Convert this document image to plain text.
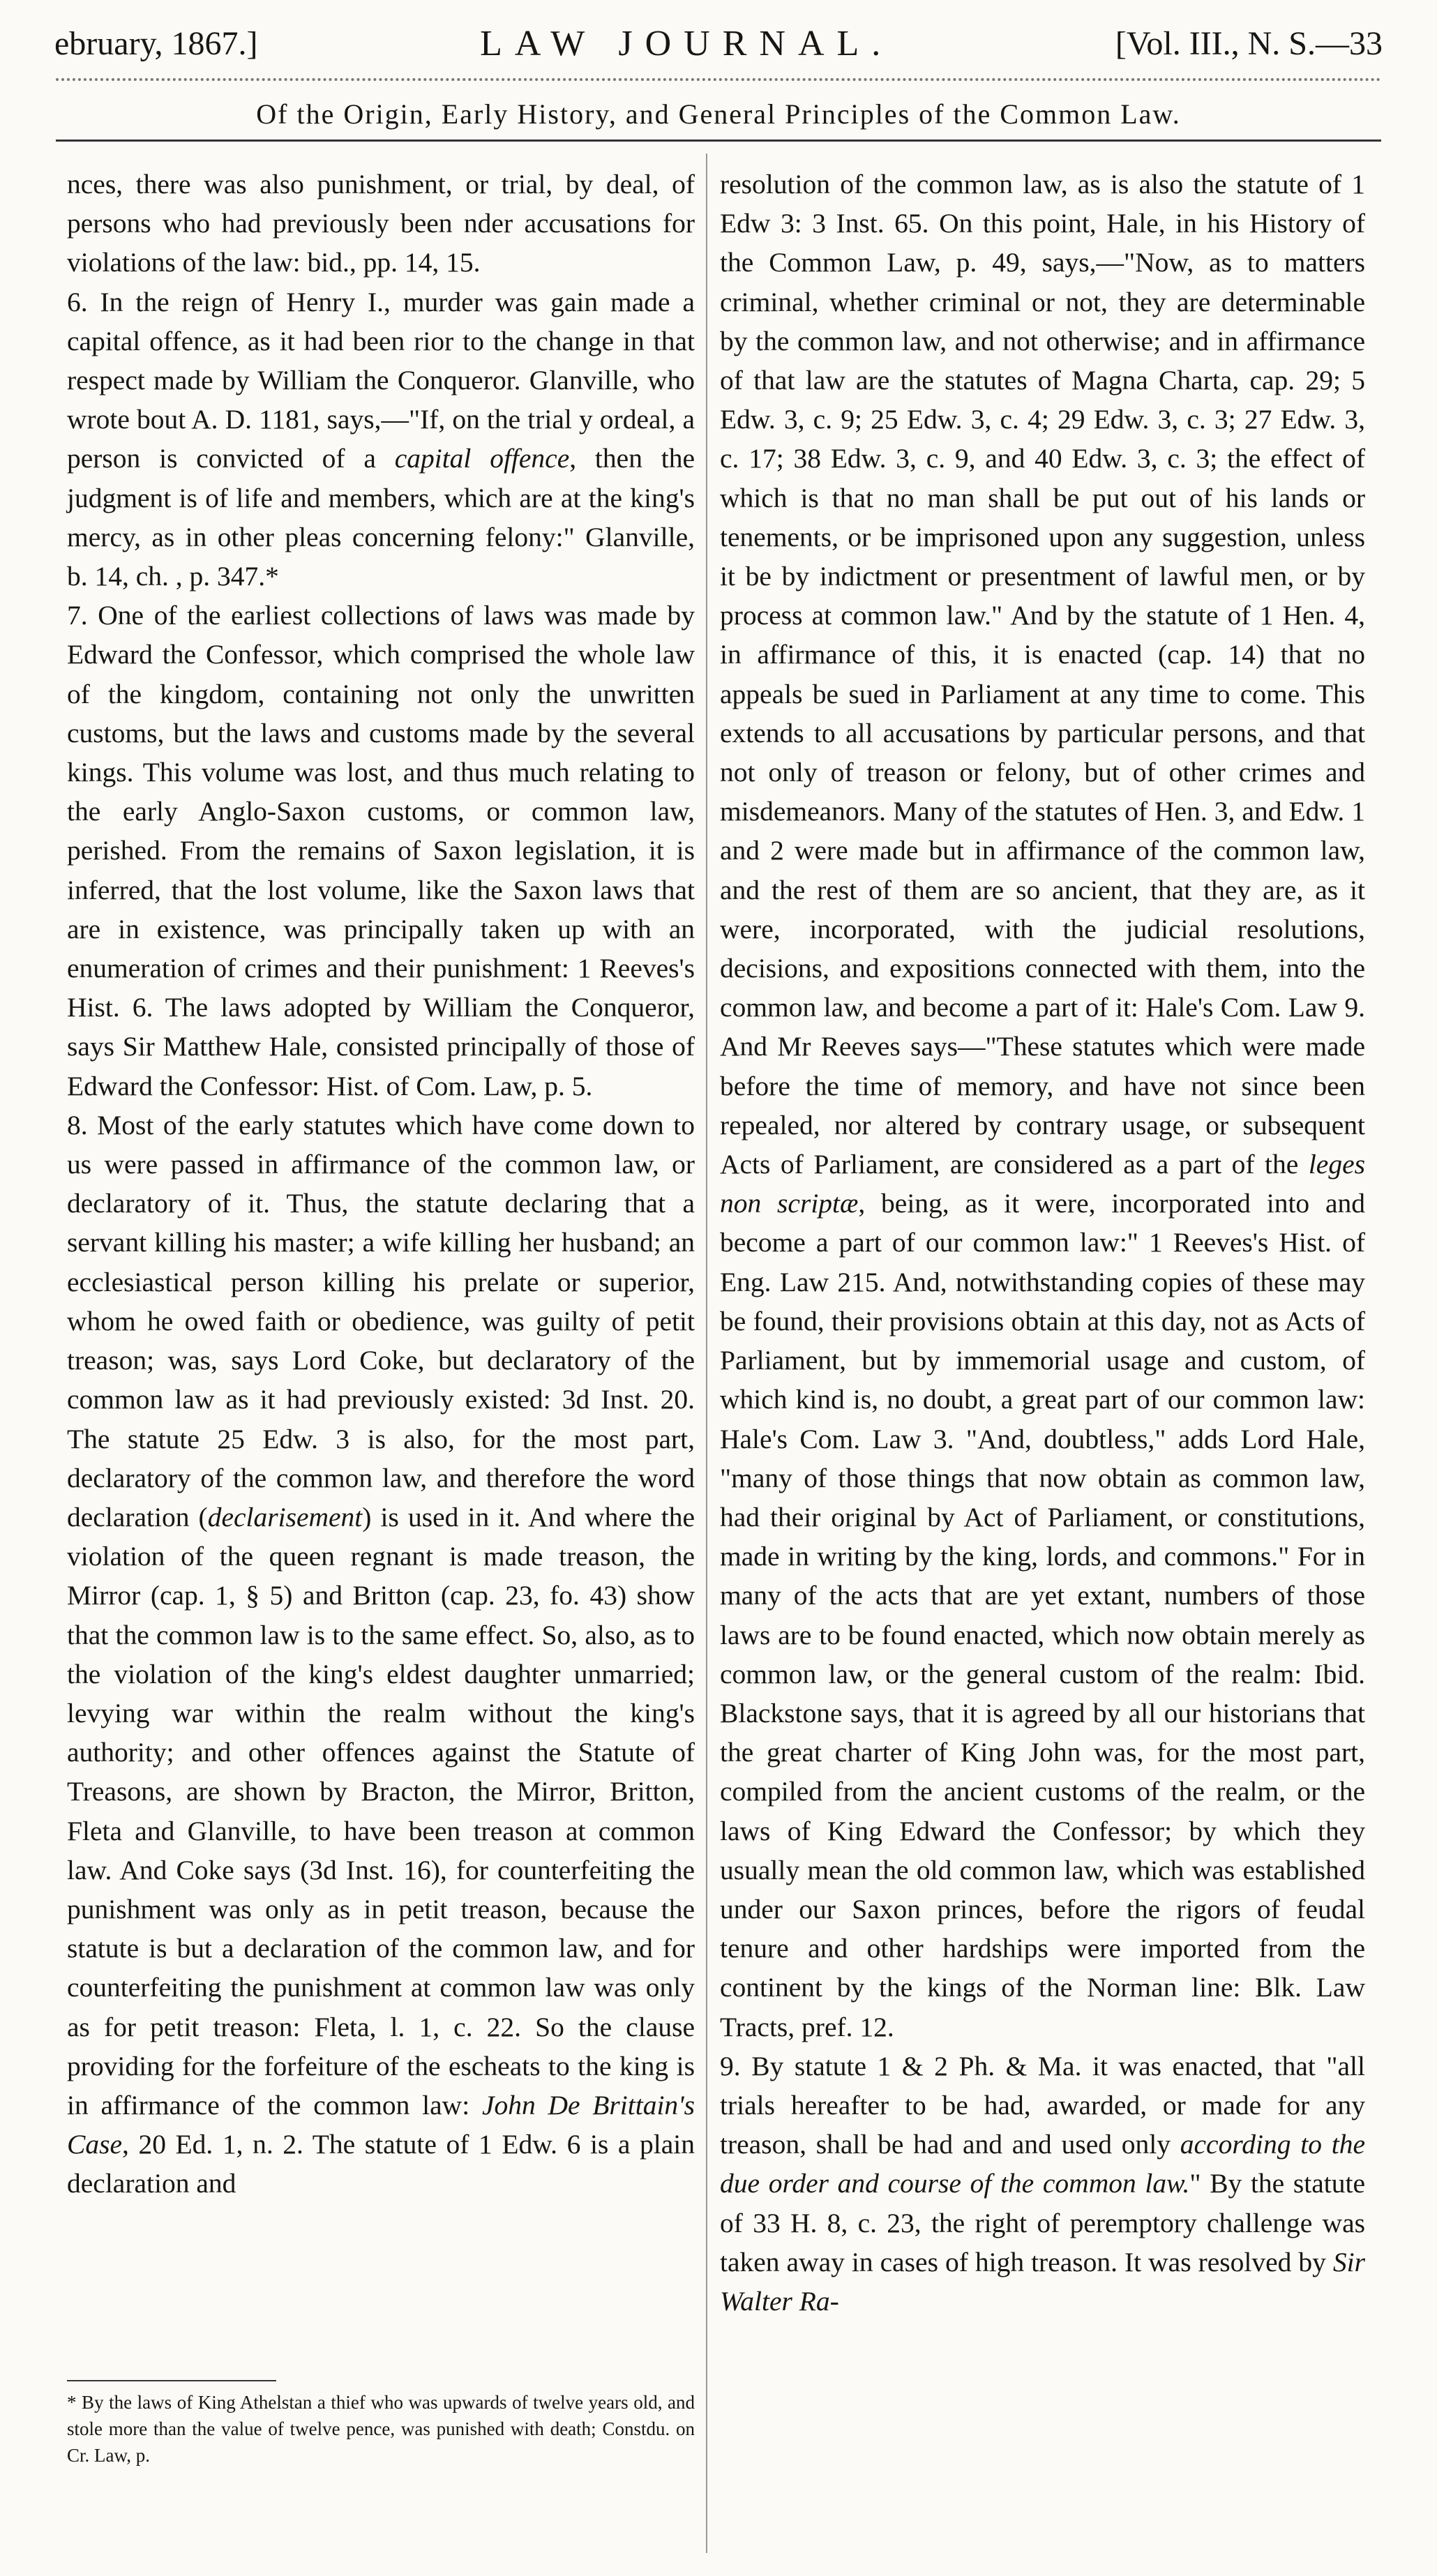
ebruary, 1867.]	LAW JOURNAL.	[Vol. III., N. S.—33
Of the Origin, Early History, and General Principles of the Common Law.

nces, there was also punishment, or trial, by deal, of persons who had previously been nder accusations for violations of the law: bid., pp. 14, 15.

6. In the reign of Henry I., murder was gain made a capital offence, as it had been rior to the change in that respect made by William the Conqueror. Glanville, who wrote bout A. D. 1181, says,—"If, on the trial y ordeal, a person is convicted of a capital offence, then the judgment is of life and members, which are at the king's mercy, as in other pleas concerning felony:" Glanville, b. 14, ch. , p. 347.*

7. One of the earliest collections of laws was made by Edward the Confessor, which comprised the whole law of the kingdom, containing not only the unwritten customs, but the laws and customs made by the several kings. This volume was lost, and thus much relating to the early Anglo-Saxon customs, or common law, perished. From the remains of Saxon legislation, it is inferred, that the lost volume, like the Saxon laws that are in existence, was principally taken up with an enumeration of crimes and their punishment: 1 Reeves's Hist. 6. The laws adopted by William the Conqueror, says Sir Matthew Hale, consisted principally of those of Edward the Confessor: Hist. of Com. Law, p. 5.

8. Most of the early statutes which have come down to us were passed in affirmance of the common law, or declaratory of it. Thus, the statute declaring that a servant killing his master; a wife killing her husband; an ecclesiastical person killing his prelate or superior, whom he owed faith or obedience, was guilty of petit treason; was, says Lord Coke, but declaratory of the common law as it had previously existed: 3d Inst. 20. The statute 25 Edw. 3 is also, for the most part, declaratory of the common law, and therefore the word declaration (declarisement) is used in it. And where the violation of the queen regnant is made treason, the Mirror (cap. 1, § 5) and Britton (cap. 23, fo. 43) show that the common law is to the same effect. So, also, as to the violation of the king's eldest daughter unmarried; levying war within the realm without the king's authority; and other offences against the Statute of Treasons, are shown by Bracton, the Mirror, Britton, Fleta and Glanville, to have been treason at common law. And Coke says (3d Inst. 16), for counterfeiting the punishment was only as in petit treason, because the statute is but a declaration of the common law, and for counterfeiting the punishment at common law was only as for petit treason: Fleta, l. 1, c. 22. So the clause providing for the forfeiture of the escheats to the king is in affirmance of the common law: John De Brittain's Case, 20 Ed. 1, n. 2. The statute of 1 Edw. 6 is a plain declaration and

* By the laws of King Athelstan a thief who was upwards of twelve years old, and stole more than the value of twelve pence, was punished with death; Constdu. on Cr. Law, p.

resolution of the common law, as is also the statute of 1 Edw 3: 3 Inst. 65. On this point, Hale, in his History of the Common Law, p. 49, says,—"Now, as to matters criminal, whether criminal or not, they are determinable by the common law, and not otherwise; and in affirmance of that law are the statutes of Magna Charta, cap. 29; 5 Edw. 3, c. 9; 25 Edw. 3, c. 4; 29 Edw. 3, c. 3; 27 Edw. 3, c. 17; 38 Edw. 3, c. 9, and 40 Edw. 3, c. 3; the effect of which is that no man shall be put out of his lands or tenements, or be imprisoned upon any suggestion, unless it be by indictment or presentment of lawful men, or by process at common law." And by the statute of 1 Hen. 4, in affirmance of this, it is enacted (cap. 14) that no appeals be sued in Parliament at any time to come. This extends to all accusations by particular persons, and that not only of treason or felony, but of other crimes and misdemeanors. Many of the statutes of Hen. 3, and Edw. 1 and 2 were made but in affirmance of the common law, and the rest of them are so ancient, that they are, as it were, incorporated, with the judicial resolutions, decisions, and expositions connected with them, into the common law, and become a part of it: Hale's Com. Law 9. And Mr Reeves says—"These statutes which were made before the time of memory, and have not since been repealed, nor altered by contrary usage, or subsequent Acts of Parliament, are considered as a part of the leges non scriptæ, being, as it were, incorporated into and become a part of our common law:" 1 Reeves's Hist. of Eng. Law 215. And, notwithstanding copies of these may be found, their provisions obtain at this day, not as Acts of Parliament, but by immemorial usage and custom, of which kind is, no doubt, a great part of our common law: Hale's Com. Law 3. "And, doubtless," adds Lord Hale, "many of those things that now obtain as common law, had their original by Act of Parliament, or constitutions, made in writing by the king, lords, and commons." For in many of the acts that are yet extant, numbers of those laws are to be found enacted, which now obtain merely as common law, or the general custom of the realm: Ibid. Blackstone says, that it is agreed by all our historians that the great charter of King John was, for the most part, compiled from the ancient customs of the realm, or the laws of King Edward the Confessor; by which they usually mean the old common law, which was established under our Saxon princes, before the rigors of feudal tenure and other hardships were imported from the continent by the kings of the Norman line: Blk. Law Tracts, pref. 12.

9. By statute 1 & 2 Ph. & Ma. it was enacted, that "all trials hereafter to be had, awarded, or made for any treason, shall be had and and used only according to the due order and course of the common law." By the statute of 33 H. 8, c. 23, the right of peremptory challenge was taken away in cases of high treason. It was resolved by Sir Walter Ra-
